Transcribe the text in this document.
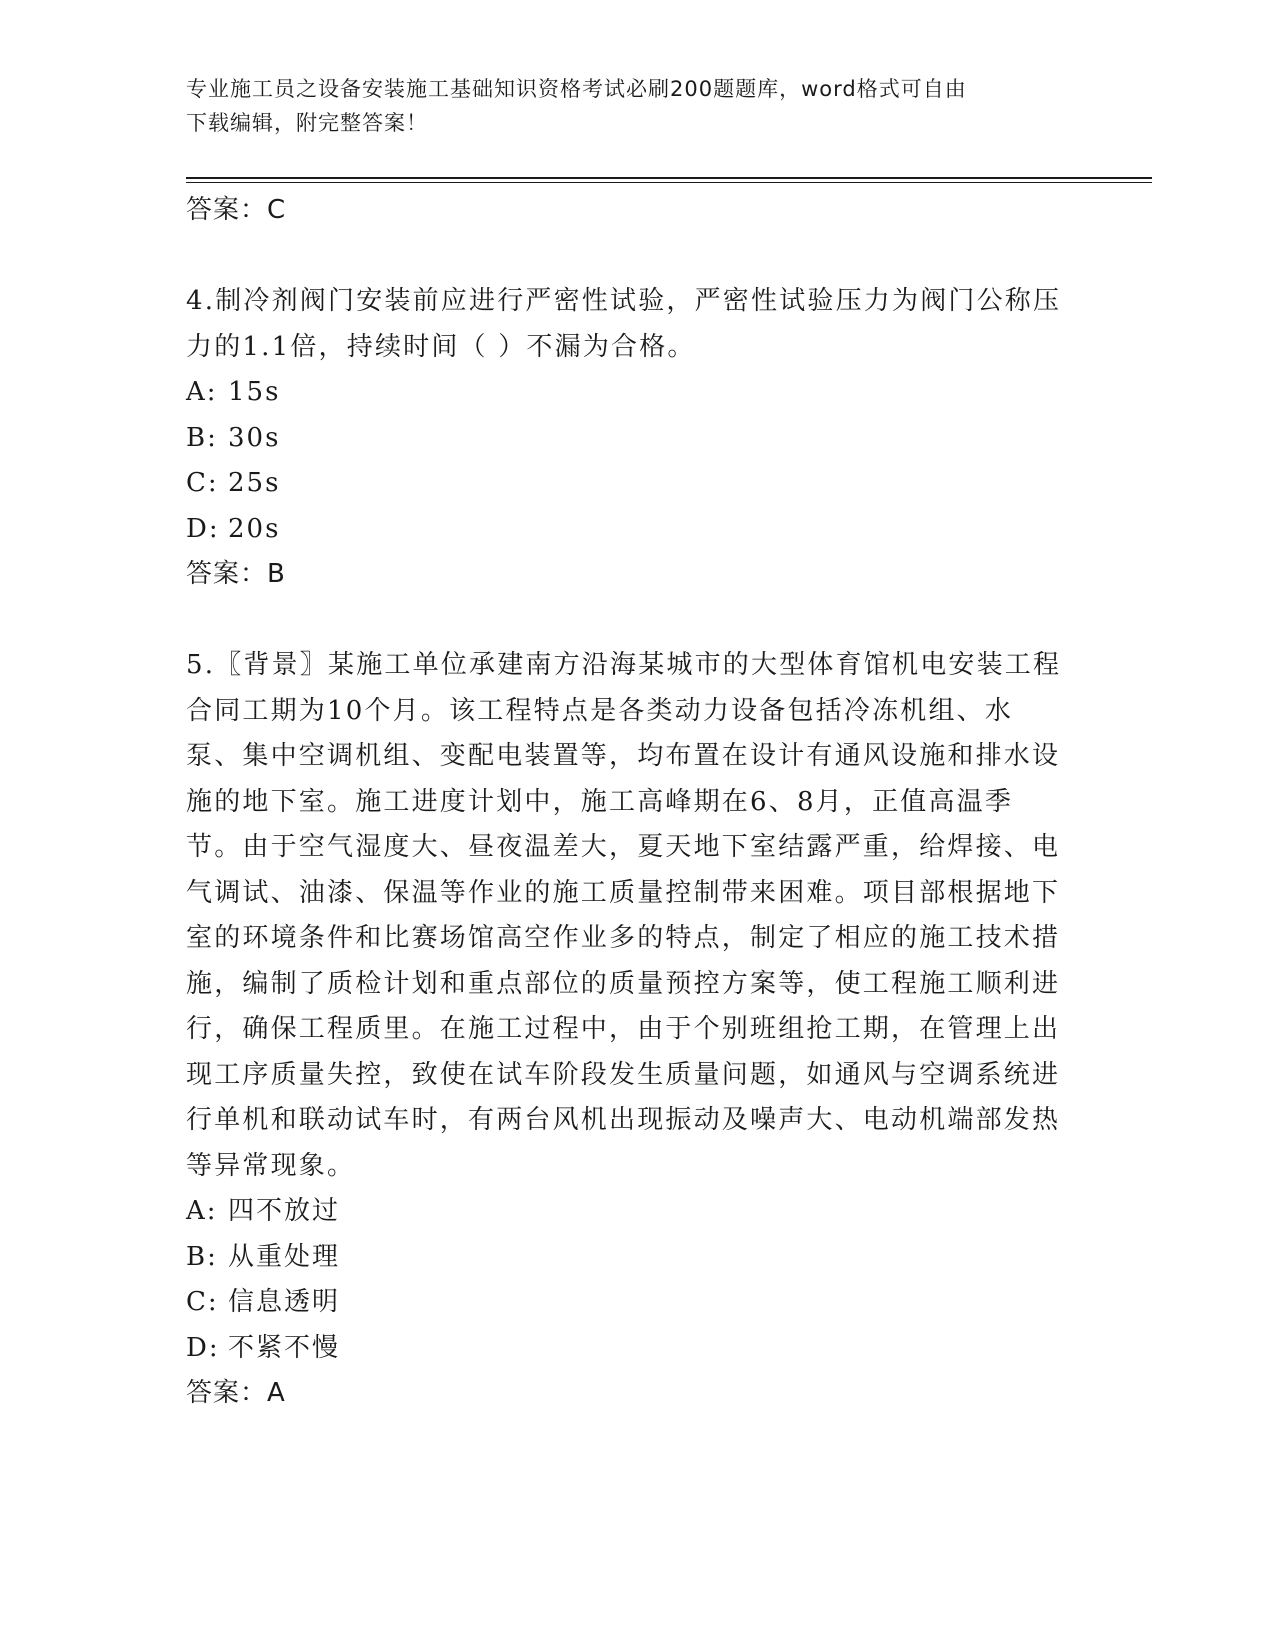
专业施工员之设备安装施工基础知识资格考试必刷200题题库，word格式可自由
下载编辑，附完整答案！
答案：C
4.制冷剂阀门安装前应进行严密性试验，严密性试验压力为阀门公称压力的1.1倍，持续时间（ ）不漏为合格。
A: 15s
B: 30s
C: 25s
D: 20s
答案：B
5.〖背景〗某施工单位承建南方沿海某城市的大型体育馆机电安装工程合同工期为10个月。该工程特点是各类动力设备包括冷冻机组、水泵、集中空调机组、变配电装置等，均布置在设计有通风设施和排水设施的地下室。施工进度计划中，施工高峰期在6、8月，正值高温季节。由于空气湿度大、昼夜温差大，夏天地下室结露严重，给焊接、电气调试、油漆、保温等作业的施工质量控制带来困难。项目部根据地下室的环境条件和比赛场馆高空作业多的特点，制定了相应的施工技术措施，编制了质检计划和重点部位的质量预控方案等，使工程施工顺利进行，确保工程质里。在施工过程中，由于个别班组抢工期，在管理上出现工序质量失控，致使在试车阶段发生质量问题，如通风与空调系统进行单机和联动试车时，有两台风机出现振动及噪声大、电动机端部发热等异常现象。
A: 四不放过
B: 从重处理
C: 信息透明
D: 不紧不慢
答案：A
